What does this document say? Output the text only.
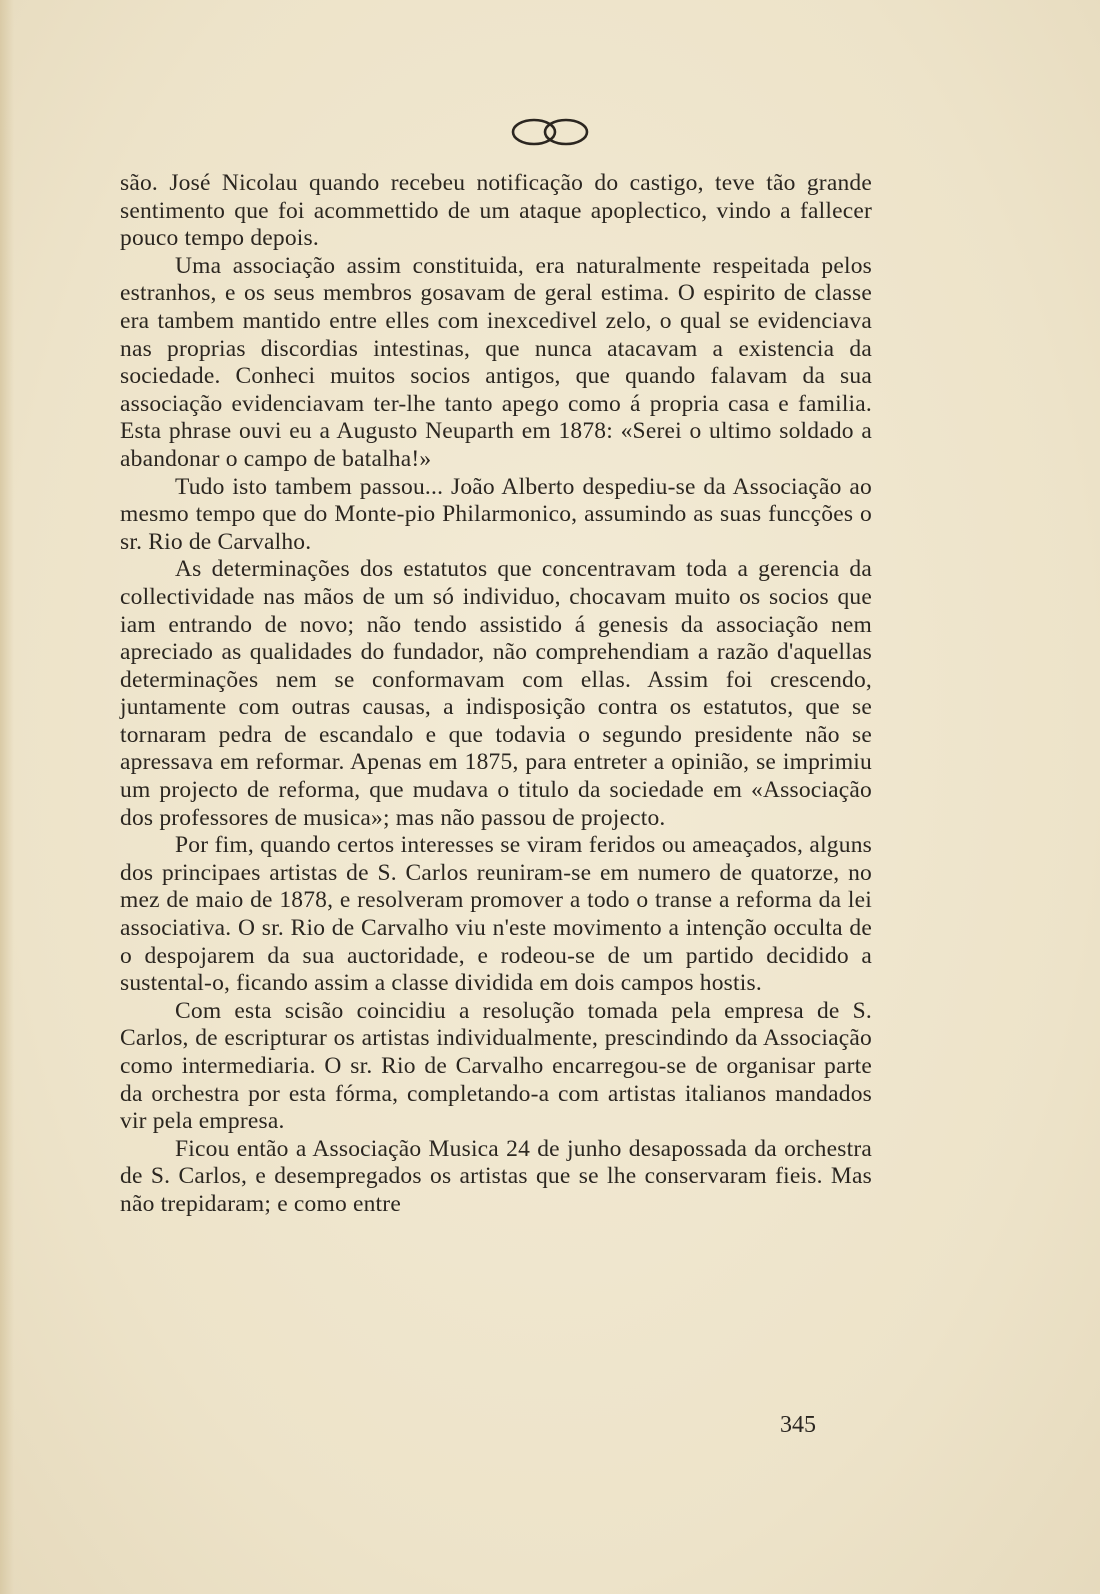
são. José Nicolau quando recebeu notificação do castigo, teve tão grande sentimento que foi acommettido de um ataque apoplectico, vindo a fallecer pouco tempo depois.

Uma associação assim constituida, era naturalmente respeitada pelos estranhos, e os seus membros gosavam de geral estima. O espirito de classe era tambem mantido entre elles com inexcedivel zelo, o qual se evidenciava nas proprias discordias intestinas, que nunca atacavam a existencia da sociedade. Conheci muitos socios antigos, que quando falavam da sua associação evidenciavam ter-lhe tanto apego como á propria casa e familia. Esta phrase ouvi eu a Augusto Neuparth em 1878: «Serei o ultimo soldado a abandonar o campo de batalha!»

Tudo isto tambem passou... João Alberto despediu-se da Associação ao mesmo tempo que do Monte-pio Philarmonico, assumindo as suas funcções o sr. Rio de Carvalho.

As determinações dos estatutos que concentravam toda a gerencia da collectividade nas mãos de um só individuo, chocavam muito os socios que iam entrando de novo; não tendo assistido á genesis da associação nem apreciado as qualidades do fundador, não comprehendiam a razão d'aquellas determinações nem se conformavam com ellas. Assim foi crescendo, juntamente com outras causas, a indisposição contra os estatutos, que se tornaram pedra de escandalo e que todavia o segundo presidente não se apressava em reformar. Apenas em 1875, para entreter a opinião, se imprimiu um projecto de reforma, que mudava o titulo da sociedade em «Associação dos professores de musica»; mas não passou de projecto.

Por fim, quando certos interesses se viram feridos ou ameaçados, alguns dos principaes artistas de S. Carlos reuniram-se em numero de quatorze, no mez de maio de 1878, e resolveram promover a todo o transe a reforma da lei associativa. O sr. Rio de Carvalho viu n'este movimento a intenção occulta de o despojarem da sua auctoridade, e rodeou-se de um partido decidido a sustental-o, ficando assim a classe dividida em dois campos hostis.

Com esta scisão coincidiu a resolução tomada pela empresa de S. Carlos, de escripturar os artistas individualmente, prescindindo da Associação como intermediaria. O sr. Rio de Carvalho encarregou-se de organisar parte da orchestra por esta fórma, completando-a com artistas italianos mandados vir pela empresa.

Ficou então a Associação Musica 24 de junho desapossada da orchestra de S. Carlos, e desempregados os artistas que se lhe conservaram fieis. Mas não trepidaram; e como entre

345
